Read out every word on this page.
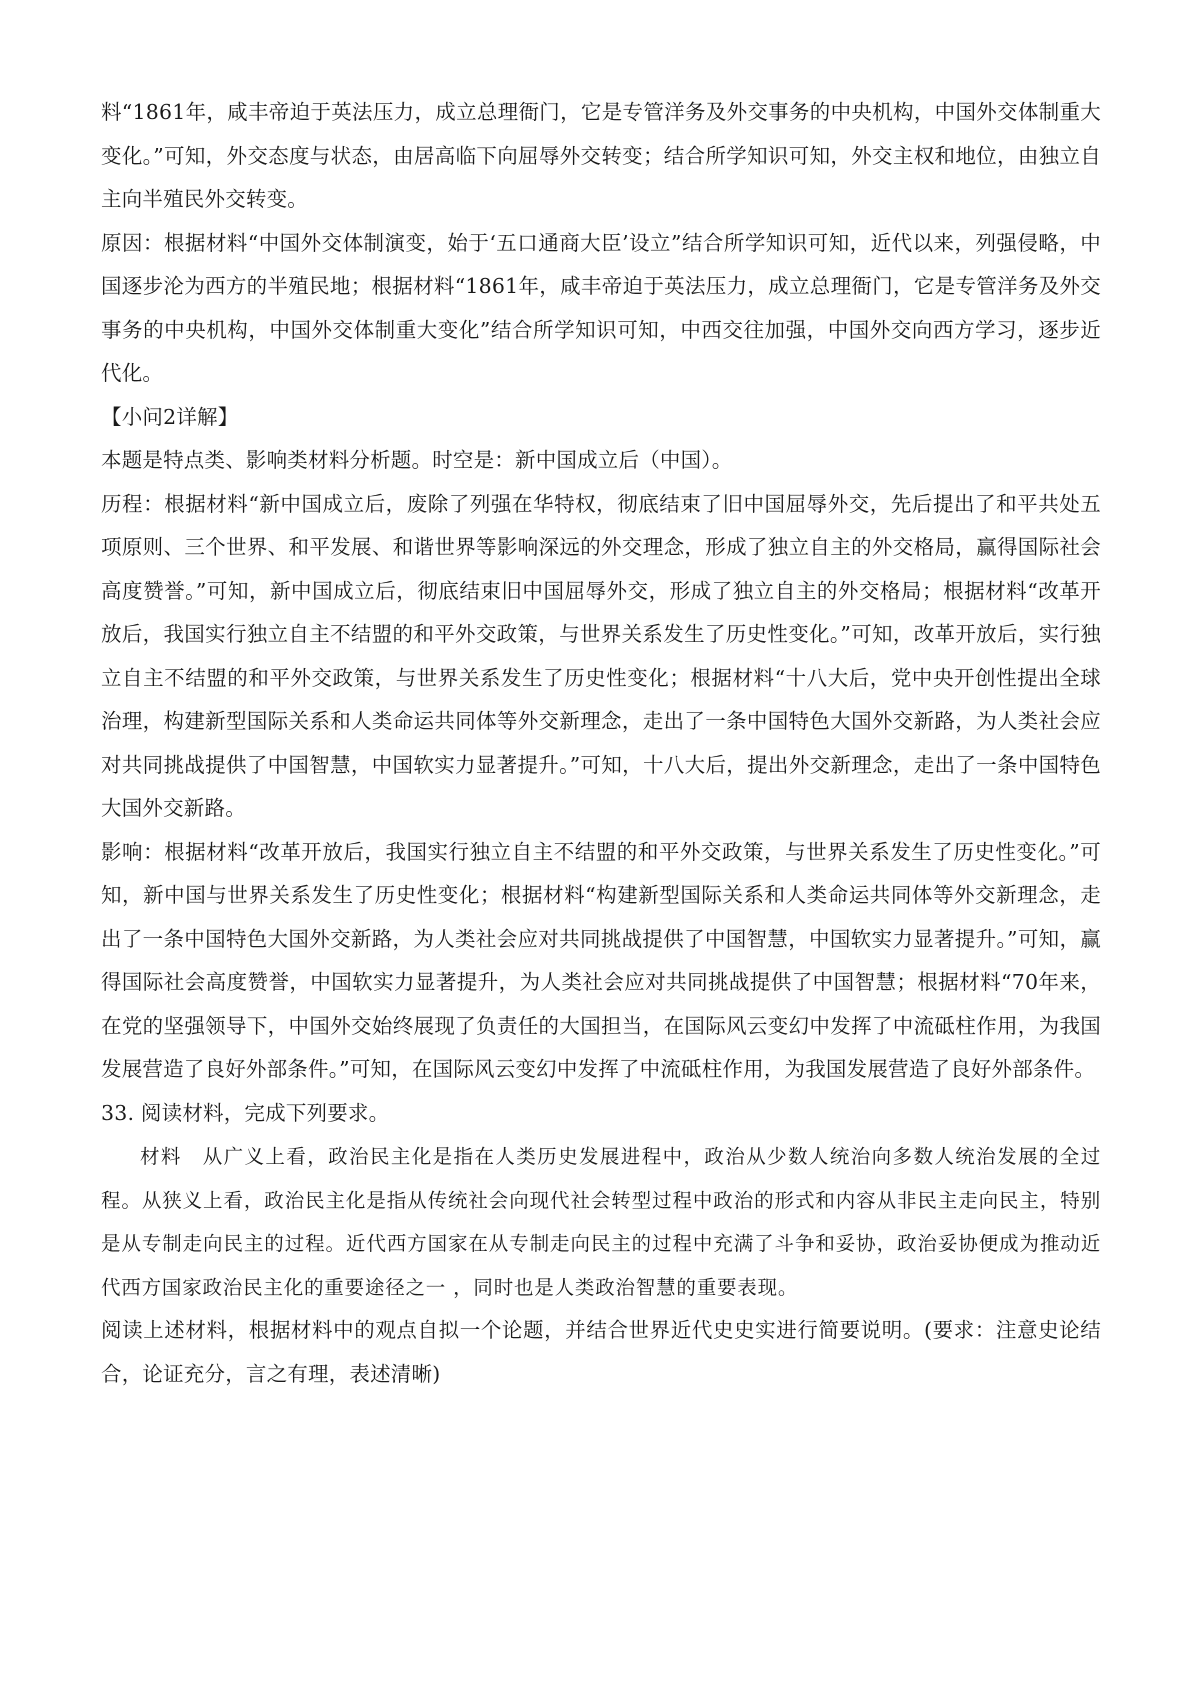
料“1861年，咸丰帝迫于英法压力，成立总理衙门，它是专管洋务及外交事务的中央机构，中国外交体制重大变化。”可知，外交态度与状态，由居高临下向屈辱外交转变；结合所学知识可知，外交主权和地位，由独立自主向半殖民外交转变。

原因：根据材料“中国外交体制演变，始于‘五口通商大臣’设立”结合所学知识可知，近代以来，列强侵略，中国逐步沦为西方的半殖民地；根据材料“1861年，咸丰帝迫于英法压力，成立总理衙门，它是专管洋务及外交事务的中央机构，中国外交体制重大变化”结合所学知识可知，中西交往加强，中国外交向西方学习，逐步近代化。

【小问2详解】

本题是特点类、影响类材料分析题。时空是：新中国成立后（中国）。

历程：根据材料“新中国成立后，废除了列强在华特权，彻底结束了旧中国屈辱外交，先后提出了和平共处五项原则、三个世界、和平发展、和谐世界等影响深远的外交理念，形成了独立自主的外交格局，赢得国际社会高度赞誉。”可知，新中国成立后，彻底结束旧中国屈辱外交，形成了独立自主的外交格局；根据材料“改革开放后，我国实行独立自主不结盟的和平外交政策，与世界关系发生了历史性变化。”可知，改革开放后，实行独立自主不结盟的和平外交政策，与世界关系发生了历史性变化；根据材料“十八大后，党中央开创性提出全球治理，构建新型国际关系和人类命运共同体等外交新理念，走出了一条中国特色大国外交新路，为人类社会应对共同挑战提供了中国智慧，中国软实力显著提升。”可知，十八大后，提出外交新理念，走出了一条中国特色大国外交新路。

影响：根据材料“改革开放后，我国实行独立自主不结盟的和平外交政策，与世界关系发生了历史性变化。”可知，新中国与世界关系发生了历史性变化；根据材料“构建新型国际关系和人类命运共同体等外交新理念，走出了一条中国特色大国外交新路，为人类社会应对共同挑战提供了中国智慧，中国软实力显著提升。”可知，赢得国际社会高度赞誉，中国软实力显著提升，为人类社会应对共同挑战提供了中国智慧；根据材料“70年来，在党的坚强领导下，中国外交始终展现了负责任的大国担当，在国际风云变幻中发挥了中流砥柱作用，为我国发展营造了良好外部条件。”可知，在国际风云变幻中发挥了中流砥柱作用，为我国发展营造了良好外部条件。

33. 阅读材料，完成下列要求。

材料　从广义上看，政治民主化是指在人类历史发展进程中，政治从少数人统治向多数人统治发展的全过程。从狭义上看，政治民主化是指从传统社会向现代社会转型过程中政治的形式和内容从非民主走向民主，特别是从专制走向民主的过程。近代西方国家在从专制走向民主的过程中充满了斗争和妥协，政治妥协便成为推动近代西方国家政治民主化的重要途径之一 ，同时也是人类政治智慧的重要表现。

阅读上述材料，根据材料中的观点自拟一个论题，并结合世界近代史史实进行简要说明。(要求：注意史论结合，论证充分，言之有理，表述清晰)
